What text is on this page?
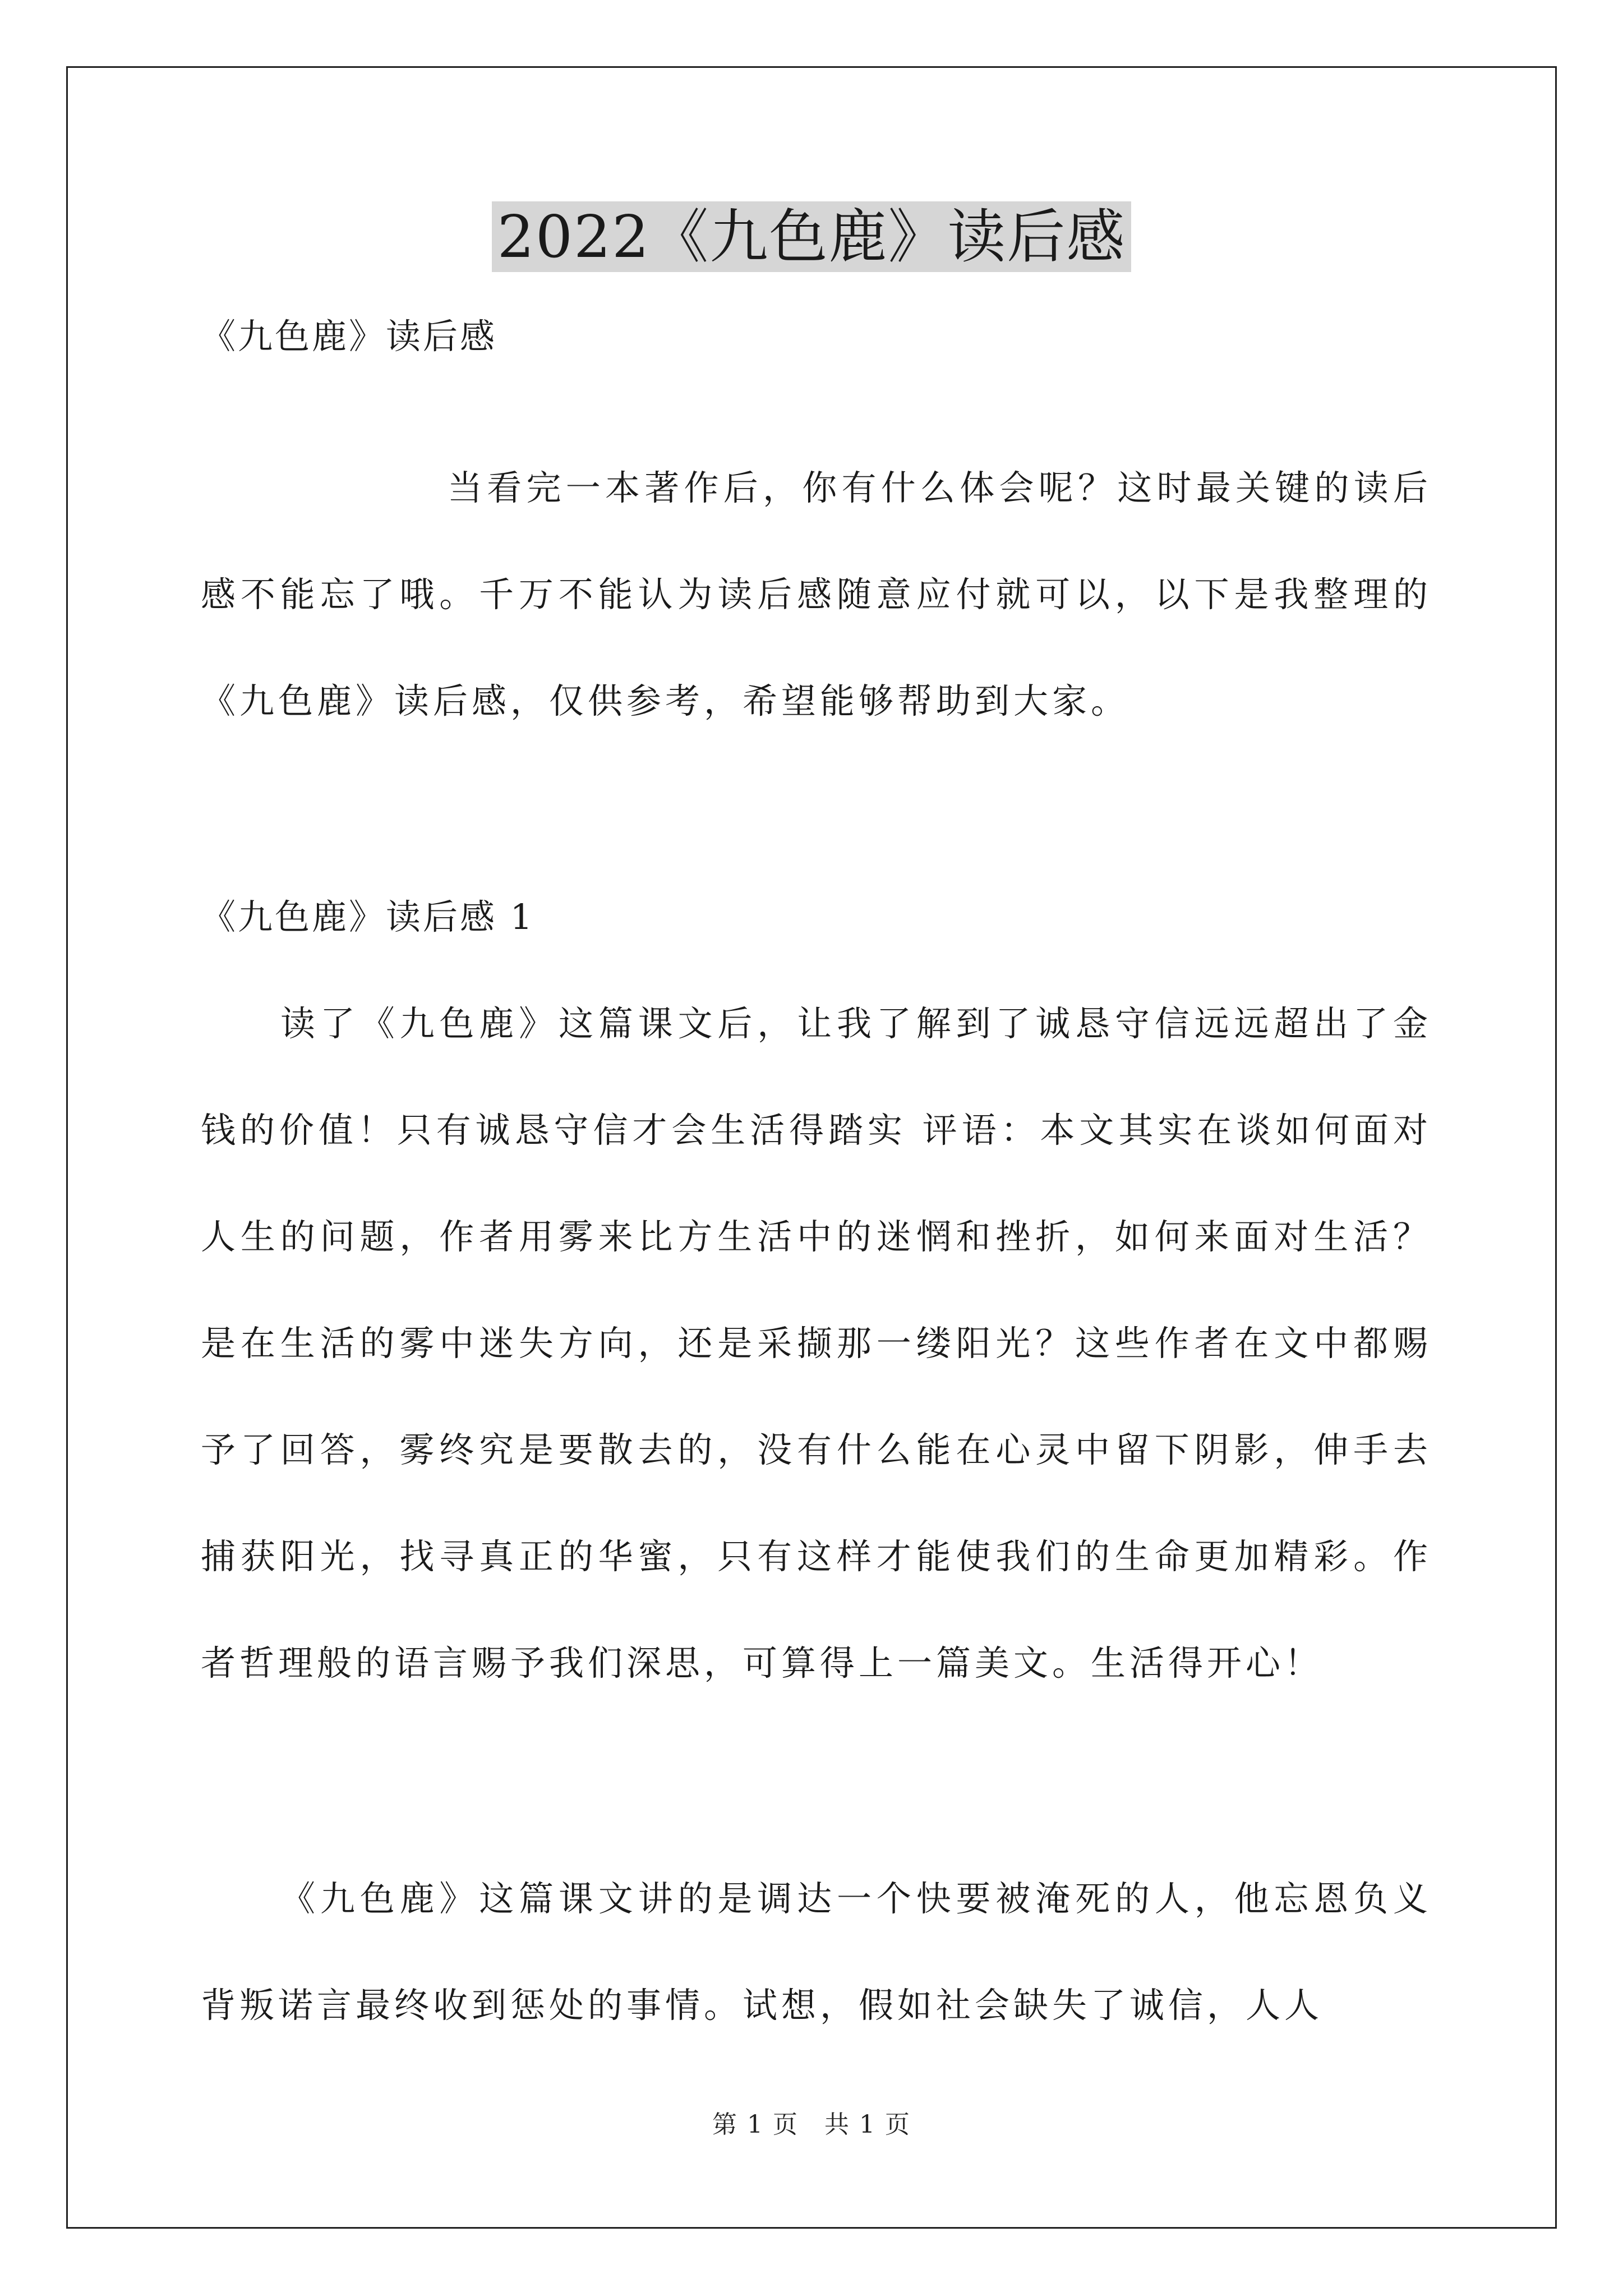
2022《九色鹿》读后感
《九色鹿》读后感
当看完一本著作后，你有什么体会呢？这时最关键的读后感不能忘了哦。千万不能认为读后感随意应付就可以，以下是我整理的《九色鹿》读后感，仅供参考，希望能够帮助到大家。
《九色鹿》读后感 1
读了《九色鹿》这篇课文后，让我了解到了诚恳守信远远超出了金钱的价值！只有诚恳守信才会生活得踏实 评语：本文其实在谈如何面对人生的问题，作者用雾来比方生活中的迷惘和挫折，如何来面对生活？是在生活的雾中迷失方向，还是采撷那一缕阳光？这些作者在文中都赐予了回答，雾终究是要散去的，没有什么能在心灵中留下阴影，伸手去捕获阳光，找寻真正的华蜜，只有这样才能使我们的生命更加精彩。作者哲理般的语言赐予我们深思，可算得上一篇美文。生活得开心！
《九色鹿》这篇课文讲的是调达一个快要被淹死的人，他忘恩负义背叛诺言最终收到惩处的事情。试想，假如社会缺失了诚信，人人
第 1 页　共 1 页
